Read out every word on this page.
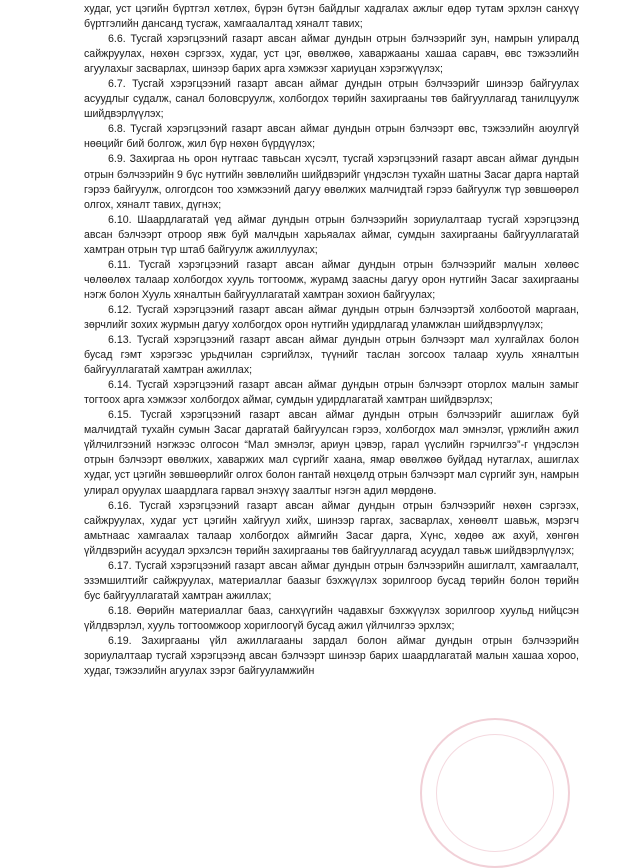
худаг, уст цэгийн бүртгэл хөтлөх, бүрэн бүтэн байдлыг хадгалах ажлыг өдөр тутам эрхлэн санхүү бүртгэлийн дансанд тусгаж, хамгаалалтад хяналт тавих;

6.6. Тусгай хэрэгцээний газарт авсан аймаг дундын отрын бэлчээрийг зун, намрын улиралд сайжруулах, нөхөн сэргээх, худаг, уст цэг, өвөлжөө, хаваржааны хашаа саравч, өвс тэжээлийн агуулахыг засварлах, шинээр барих арга хэмжээг хариуцан хэрэгжүүлэх;

6.7. Тусгай хэрэгцээний газарт авсан аймаг дундын отрын бэлчээрийг шинээр байгуулах асуудлыг судалж, санал боловсруулж, холбогдох төрийн захиргааны төв байгууллагад танилцуулж шийдвэрлүүлэх;

6.8. Тусгай хэрэгцээний газарт авсан аймаг дундын отрын бэлчээрт өвс, тэжээлийн аюулгүй нөөцийг бий болгож, жил бүр нөхөн бүрдүүлэх;

6.9. Захиргаа нь орон нутгаас тавьсан хүсэлт, тусгай хэрэгцээний газарт авсан аймаг дундын отрын бэлчээрийн 9 бүс нутгийн зөвлөлийн шийдвэрийг үндэслэн тухайн шатны Засаг дарга нартай гэрээ байгуулж, олгогдсон тоо хэмжээний дагуу өвөлжих малчидтай гэрээ байгуулж түр зөвшөөрөл олгох, хяналт тавих, дүгнэх;

6.10. Шаардлагатай үед аймаг дундын отрын бэлчээрийн зориулалтаар тусгай хэрэгцээнд авсан бэлчээрт отроор явж буй малчдын харьяалах аймаг, сумдын захиргааны байгууллагатай хамтран отрын түр штаб байгуулж ажиллуулах;

6.11. Тусгай хэрэгцээний газарт авсан аймаг дундын отрын бэлчээрийг малын хөлөөс чөлөөлөх талаар холбогдох хууль тогтоомж, журамд заасны дагуу орон нутгийн Засаг захиргааны нэгж болон Хууль хяналтын байгууллагатай хамтран зохион байгуулах;

6.12. Тусгай хэрэгцээний газарт авсан аймаг дундын отрын бэлчээртэй холбоотой маргаан, зөрчлийг зохих журмын дагуу холбогдох орон нутгийн удирдлагад уламжлан шийдвэрлүүлэх;

6.13. Тусгай хэрэгцээний газарт авсан аймаг дундын отрын бэлчээрт мал хулгайлах болон бусад гэмт хэрэгээс урьдчилан сэргийлэх, түүнийг таслан зогсоох талаар хууль хяналтын байгууллагатай хамтран ажиллах;

6.14. Тусгай хэрэгцээний газарт авсан аймаг дундын отрын бэлчээрт оторлох малын замыг тогтоох арга хэмжээг холбогдох аймаг, сумдын удирдлагатай хамтран шийдвэрлэх;

6.15. Тусгай хэрэгцээний газарт авсан аймаг дундын отрын бэлчээрийг ашиглаж буй малчидтай тухайн сумын Засаг даргатай байгуулсан гэрээ, холбогдох мал эмнэлэг, үржлийн ажил үйлчилгээний нэгжээс олгосон “Мал эмнэлэг, ариун цэвэр, гарал үүслийн гэрчилгээ”-г үндэслэн отрын бэлчээрт өвөлжих, хаваржих мал сүргийг хаана, ямар өвөлжөө буйдад нутаглах, ашиглах худаг, уст цэгийн зөвшөөрлийг олгох болон гантай нөхцөлд отрын бэлчээрт мал сүргийг зун, намрын улирал оруулах шаардлага гарвал энэхүү заалтыг нэгэн адил мөрдөнө.

6.16. Тусгай хэрэгцээний газарт авсан аймаг дундын отрын бэлчээрийг нөхөн сэргээх, сайжруулах, худаг уст цэгийн хайгуул хийх, шинээр гаргах, засварлах, хөнөөлт шавьж, мэрэгч амьтнаас хамгаалах талаар холбогдох аймгийн Засаг дарга, Хүнс, хөдөө аж ахуй, хөнгөн үйлдвэрийн асуудал эрхэлсэн төрийн захиргааны төв байгууллагад асуудал тавьж шийдвэрлүүлэх;

6.17. Тусгай хэрэгцээний газарт авсан аймаг дундын отрын бэлчээрийн ашиглалт, хамгаалалт, эзэмшилтийг сайжруулах, материаллаг баазыг бэхжүүлэх зорилгоор бусад төрийн болон төрийн бус байгууллагатай хамтран ажиллах;

6.18. Өөрийн материаллаг бааз, санхүүгийн чадавхыг бэхжүүлэх зорилгоор хуульд нийцсэн үйлдвэрлэл, хууль тогтоомжоор хориглоогүй бусад ажил үйлчилгээ эрхлэх;

6.19. Захиргааны үйл ажиллагааны зардал болон аймаг дундын отрын бэлчээрийн зориулалтаар тусгай хэрэгцээнд авсан бэлчээрт шинээр барих шаардлагатай малын хашаа хороо, худаг, тэжээлийн агуулах зэрэг байгууламжийн
